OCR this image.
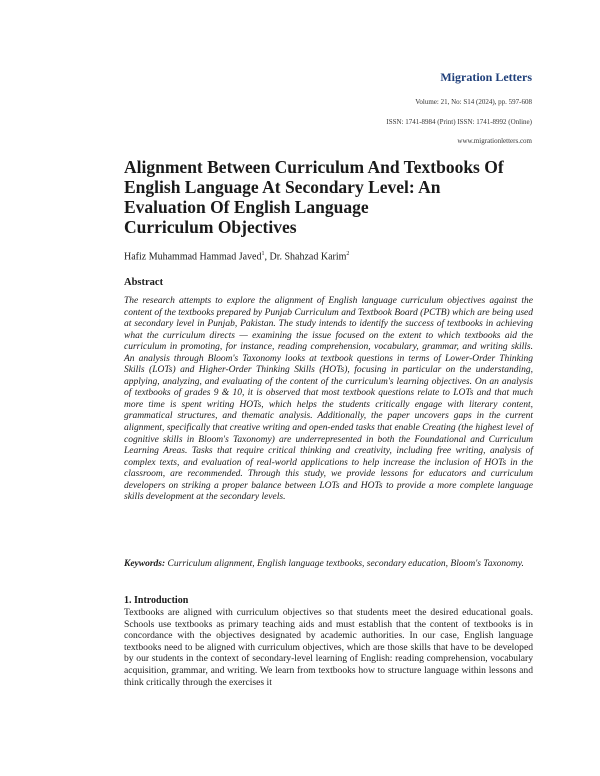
Migration Letters
Volume: 21, No: S14 (2024), pp. 597-608
ISSN: 1741-8984 (Print) ISSN: 1741-8992 (Online)
www.migrationletters.com
Alignment Between Curriculum And Textbooks Of
English Language At Secondary Level: An
Evaluation Of English Language
Curriculum Objectives
Hafiz Muhammad Hammad Javed$^1$, Dr. Shahzad Karim$^2$
Abstract
The research attempts to explore the alignment of English language curriculum objectives against the content of the textbooks prepared by Punjab Curriculum and Textbook Board (PCTB) which are being used at secondary level in Punjab, Pakistan. The study intends to identify the success of textbooks in achieving what the curriculum directs — examining the issue focused on the extent to which textbooks aid the curriculum in promoting, for instance, reading comprehension, vocabulary, grammar, and writing skills. An analysis through Bloom's Taxonomy looks at textbook questions in terms of Lower-Order Thinking Skills (LOTs) and Higher-Order Thinking Skills (HOTs), focusing in particular on the understanding, applying, analyzing, and evaluating of the content of the curriculum's learning objectives. On an analysis of textbooks of grades 9 & 10, it is observed that most textbook questions relate to LOTs and that much more time is spent writing HOTs, which helps the students critically engage with literary content, grammatical structures, and thematic analysis. Additionally, the paper uncovers gaps in the current alignment, specifically that creative writing and open-ended tasks that enable Creating (the highest level of cognitive skills in Bloom's Taxonomy) are underrepresented in both the Foundational and Curriculum Learning Areas. Tasks that require critical thinking and creativity, including free writing, analysis of complex texts, and evaluation of real-world applications to help increase the inclusion of HOTs in the classroom, are recommended. Through this study, we provide lessons for educators and curriculum developers on striking a proper balance between LOTs and HOTs to provide a more complete language skills development at the secondary levels.
Keywords: Curriculum alignment, English language textbooks, secondary education, Bloom's Taxonomy.
1. Introduction
Textbooks are aligned with curriculum objectives so that students meet the desired educational goals. Schools use textbooks as primary teaching aids and must establish that the content of textbooks is in concordance with the objectives designated by academic authorities. In our case, English language textbooks need to be aligned with curriculum objectives, which are those skills that have to be developed by our students in the context of secondary-level learning of English: reading comprehension, vocabulary acquisition, grammar, and writing. We learn from textbooks how to structure language within lessons and think critically through the exercises it
